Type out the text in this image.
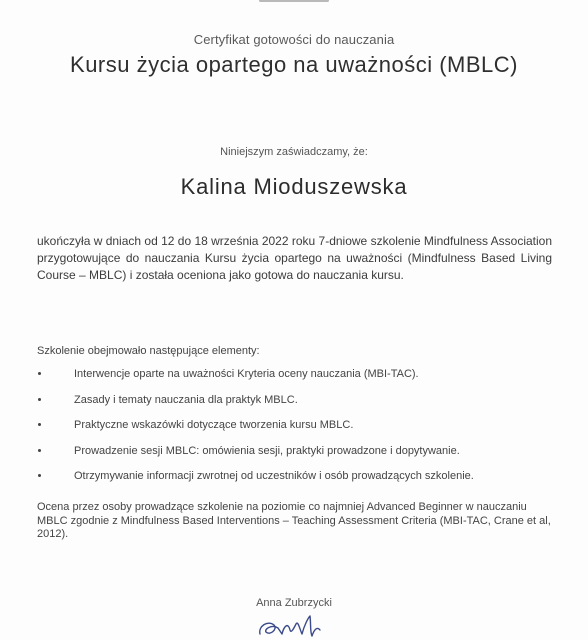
Certyfikat gotowości do nauczania
Kursu życia opartego na uważności (MBLC)
Niniejszym zaświadczamy, że:
Kalina Mioduszewska
ukończyła w dniach od 12 do 18 września 2022 roku 7-dniowe szkolenie Mindfulness Association przygotowujące do nauczania Kursu życia opartego na uważności (Mindfulness Based Living Course – MBLC) i została oceniona jako gotowa do nauczania kursu.
Szkolenie obejmowało następujące elementy:
Interwencje oparte na uważności Kryteria oceny nauczania (MBI-TAC).
Zasady i tematy nauczania dla praktyk MBLC.
Praktyczne wskazówki dotyczące tworzenia kursu MBLC.
Prowadzenie sesji MBLC: omówienia sesji, praktyki prowadzone i dopytywanie.
Otrzymywanie informacji zwrotnej od uczestników i osób prowadzących szkolenie.
Ocena przez osoby prowadzące szkolenie na poziomie co najmniej Advanced Beginner w nauczaniu MBLC zgodnie z Mindfulness Based Interventions – Teaching Assessment Criteria (MBI-TAC, Crane et al, 2012).
Anna Zubrzycki
